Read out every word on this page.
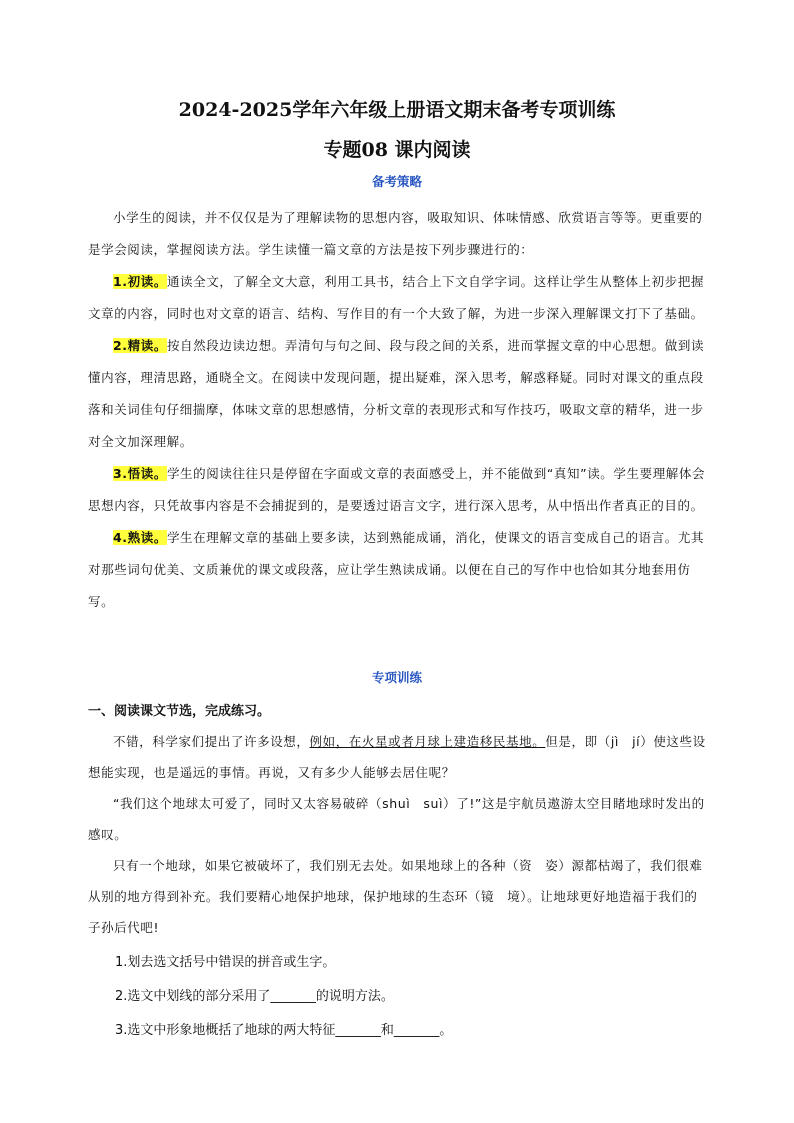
2024-2025学年六年级上册语文期末备考专项训练
专题08 课内阅读
备考策略

小学生的阅读，并不仅仅是为了理解读物的思想内容，吸取知识、体味情感、欣赏语言等等。更重要的是学会阅读，掌握阅读方法。学生读懂一篇文章的方法是按下列步骤进行的：

1.初读。通读全文，了解全文大意，利用工具书，结合上下文自学字词。这样让学生从整体上初步把握文章的内容，同时也对文章的语言、结构、写作目的有一个大致了解，为进一步深入理解课文打下了基础。

2.精读。按自然段边读边想。弄清句与句之间、段与段之间的关系，进而掌握文章的中心思想。做到读懂内容，理清思路，通晓全文。在阅读中发现问题，提出疑难，深入思考，解惑释疑。同时对课文的重点段落和关词佳句仔细揣摩，体味文章的思想感情，分析文章的表现形式和写作技巧，吸取文章的精华，进一步对全文加深理解。

3.悟读。学生的阅读往往只是停留在字面或文章的表面感受上，并不能做到“真知”读。学生要理解体会思想内容，只凭故事内容是不会捕捉到的，是要透过语言文字，进行深入思考，从中悟出作者真正的目的。

4.熟读。学生在理解文章的基础上要多读，达到熟能成诵，消化，使课文的语言变成自己的语言。尤其对那些词句优美、文质兼优的课文或段落，应让学生熟读成诵。以便在自己的写作中也恰如其分地套用仿写。

专项训练
一、阅读课文节选，完成练习。

不错，科学家们提出了许多设想，例如，在火星或者月球上建造移民基地。但是，即（jì　jí）使这些设想能实现，也是遥远的事情。再说，又有多少人能够去居住呢？

“我们这个地球太可爱了，同时又太容易破碎（shuì　suì）了!”这是宇航员遨游太空目睹地球时发出的感叹。

只有一个地球，如果它被破坏了，我们别无去处。如果地球上的各种（资　姿）源都枯竭了，我们很难从别的地方得到补充。我们要精心地保护地球，保护地球的生态环（镜　境）。让地球更好地造福于我们的子孙后代吧!

1.划去选文括号中错误的拼音或生字。
2.选文中划线的部分采用了_______的说明方法。
3.选文中形象地概括了地球的两大特征_______和_______。
